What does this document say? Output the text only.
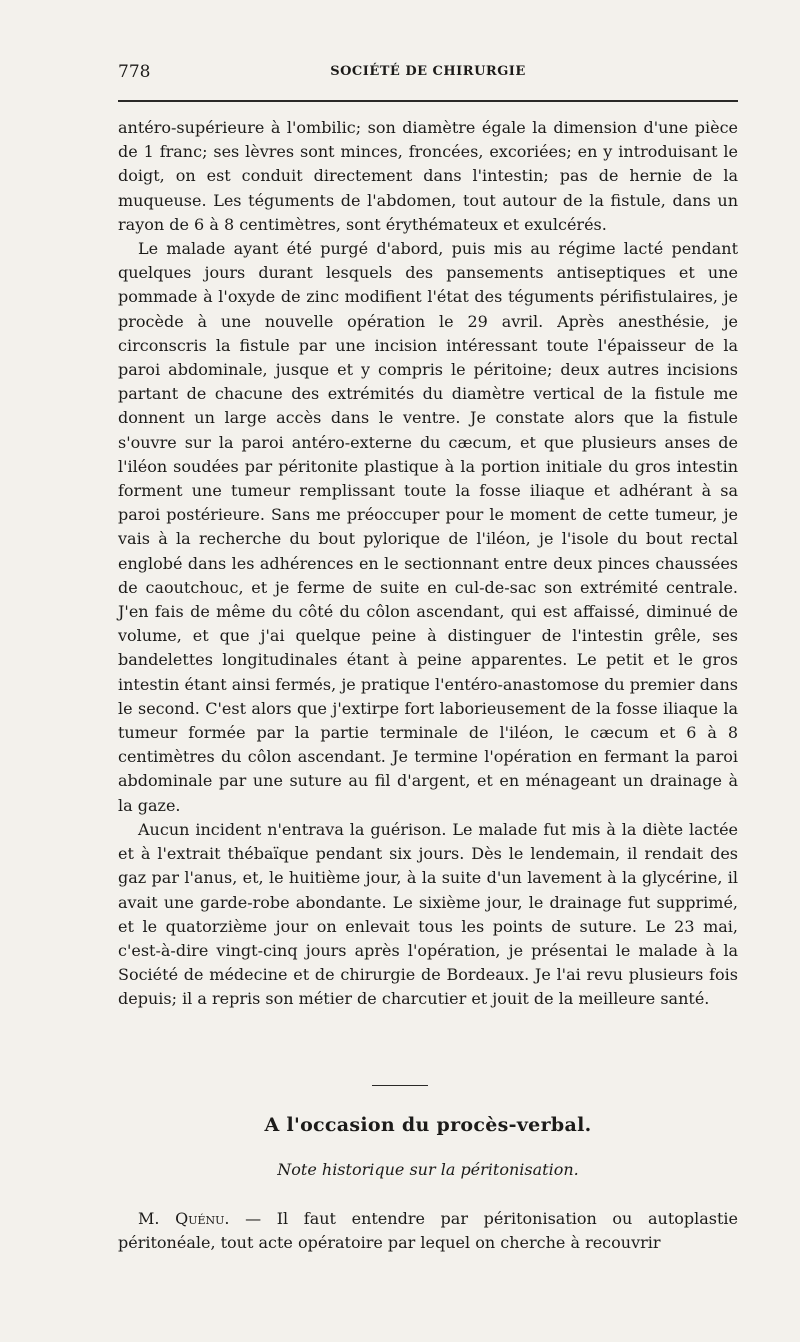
778	SOCIÉTÉ DE CHIRURGIE

antéro-supérieure à l'ombilic; son diamètre égale la dimension d'une pièce de 1 franc; ses lèvres sont minces, froncées, excoriées; en y introduisant le doigt, on est conduit directement dans l'intestin; pas de hernie de la muqueuse. Les téguments de l'abdomen, tout autour de la fistule, dans un rayon de 6 à 8 centimètres, sont érythémateux et exulcérés.

Le malade ayant été purgé d'abord, puis mis au régime lacté pendant quelques jours durant lesquels des pansements antiseptiques et une pommade à l'oxyde de zinc modifient l'état des téguments périfistulaires, je procède à une nouvelle opération le 29 avril. Après anesthésie, je circonscris la fistule par une incision intéressant toute l'épaisseur de la paroi abdominale, jusque et y compris le péritoine; deux autres incisions partant de chacune des extrémités du diamètre vertical de la fistule me donnent un large accès dans le ventre. Je constate alors que la fistule s'ouvre sur la paroi antéro-externe du cæcum, et que plusieurs anses de l'iléon soudées par péritonite plastique à la portion initiale du gros intestin forment une tumeur remplissant toute la fosse iliaque et adhérant à sa paroi postérieure. Sans me préoccuper pour le moment de cette tumeur, je vais à la recherche du bout pylorique de l'iléon, je l'isole du bout rectal englobé dans les adhérences en le sectionnant entre deux pinces chaussées de caoutchouc, et je ferme de suite en cul-de-sac son extrémité centrale. J'en fais de même du côté du côlon ascendant, qui est affaissé, diminué de volume, et que j'ai quelque peine à distinguer de l'intestin grêle, ses bandelettes longitudinales étant à peine apparentes. Le petit et le gros intestin étant ainsi fermés, je pratique l'entéro-anastomose du premier dans le second. C'est alors que j'extirpe fort laborieusement de la fosse iliaque la tumeur formée par la partie terminale de l'iléon, le cæcum et 6 à 8 centimètres du côlon ascendant. Je termine l'opération en fermant la paroi abdominale par une suture au fil d'argent, et en ménageant un drainage à la gaze.

Aucun incident n'entrava la guérison. Le malade fut mis à la diète lactée et à l'extrait thébaïque pendant six jours. Dès le lendemain, il rendait des gaz par l'anus, et, le huitième jour, à la suite d'un lavement à la glycérine, il avait une garde-robe abondante. Le sixième jour, le drainage fut supprimé, et le quatorzième jour on enlevait tous les points de suture. Le 23 mai, c'est-à-dire vingt-cinq jours après l'opération, je présentai le malade à la Société de médecine et de chirurgie de Bordeaux. Je l'ai revu plusieurs fois depuis; il a repris son métier de charcutier et jouit de la meilleure santé.

A l'occasion du procès-verbal.
Note historique sur la péritonisation.

M. Quénu. — Il faut entendre par péritonisation ou autoplastie péritonéale, tout acte opératoire par lequel on cherche à recouvrir
